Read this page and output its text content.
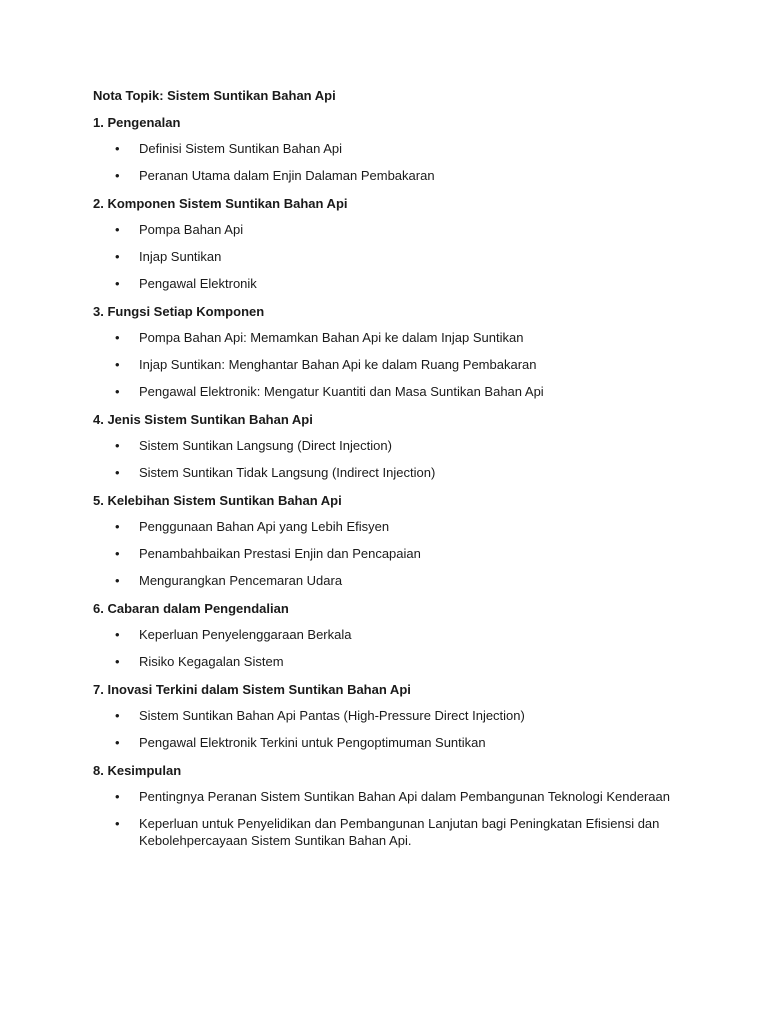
Nota Topik: Sistem Suntikan Bahan Api
1. Pengenalan
• Definisi Sistem Suntikan Bahan Api
• Peranan Utama dalam Enjin Dalaman Pembakaran
2. Komponen Sistem Suntikan Bahan Api
• Pompa Bahan Api
• Injap Suntikan
• Pengawal Elektronik
3. Fungsi Setiap Komponen
• Pompa Bahan Api: Memamkan Bahan Api ke dalam Injap Suntikan
• Injap Suntikan: Menghantar Bahan Api ke dalam Ruang Pembakaran
• Pengawal Elektronik: Mengatur Kuantiti dan Masa Suntikan Bahan Api
4. Jenis Sistem Suntikan Bahan Api
• Sistem Suntikan Langsung (Direct Injection)
• Sistem Suntikan Tidak Langsung (Indirect Injection)
5. Kelebihan Sistem Suntikan Bahan Api
• Penggunaan Bahan Api yang Lebih Efisyen
• Penambahbaikan Prestasi Enjin dan Pencapaian
• Mengurangkan Pencemaran Udara
6. Cabaran dalam Pengendalian
• Keperluan Penyelenggaraan Berkala
• Risiko Kegagalan Sistem
7. Inovasi Terkini dalam Sistem Suntikan Bahan Api
• Sistem Suntikan Bahan Api Pantas (High-Pressure Direct Injection)
• Pengawal Elektronik Terkini untuk Pengoptimuman Suntikan
8. Kesimpulan
• Pentingnya Peranan Sistem Suntikan Bahan Api dalam Pembangunan Teknologi Kenderaan
• Keperluan untuk Penyelidikan dan Pembangunan Lanjutan bagi Peningkatan Efisiensi dan Kebolehpercayaan Sistem Suntikan Bahan Api.
